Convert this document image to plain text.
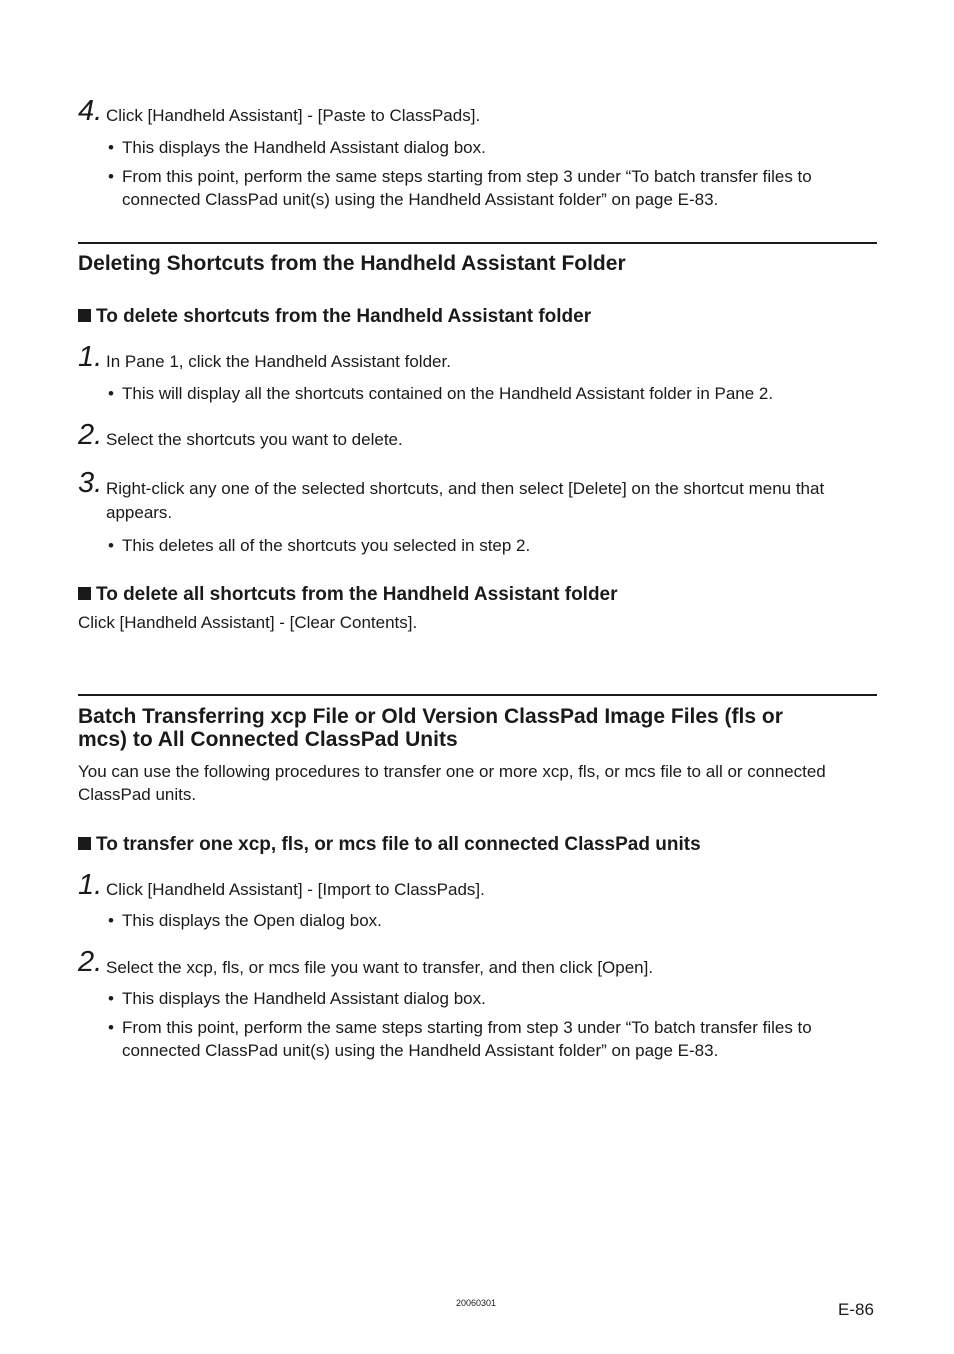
4. Click [Handheld Assistant] - [Paste to ClassPads].
• This displays the Handheld Assistant dialog box.
• From this point, perform the same steps starting from step 3 under “To batch transfer files to
connected ClassPad unit(s) using the Handheld Assistant folder” on page E-83.
Deleting Shortcuts from the Handheld Assistant Folder
To delete shortcuts from the Handheld Assistant folder
1. In Pane 1, click the Handheld Assistant folder.
• This will display all the shortcuts contained on the Handheld Assistant folder in Pane 2.
2. Select the shortcuts you want to delete.
3. Right-click any one of the selected shortcuts, and then select [Delete] on the shortcut menu that
appears.
• This deletes all of the shortcuts you selected in step 2.
To delete all shortcuts from the Handheld Assistant folder
Click [Handheld Assistant] - [Clear Contents].
Batch Transferring xcp File or Old Version ClassPad Image Files (fls or
mcs) to All Connected ClassPad Units
You can use the following procedures to transfer one or more xcp, fls, or mcs file to all or connected
ClassPad units.
To transfer one xcp, fls, or mcs file to all connected ClassPad units
1. Click [Handheld Assistant] - [Import to ClassPads].
• This displays the Open dialog box.
2. Select the xcp, fls, or mcs file you want to transfer, and then click [Open].
• This displays the Handheld Assistant dialog box.
• From this point, perform the same steps starting from step 3 under “To batch transfer files to
connected ClassPad unit(s) using the Handheld Assistant folder” on page E-83.
20060301	E-86
